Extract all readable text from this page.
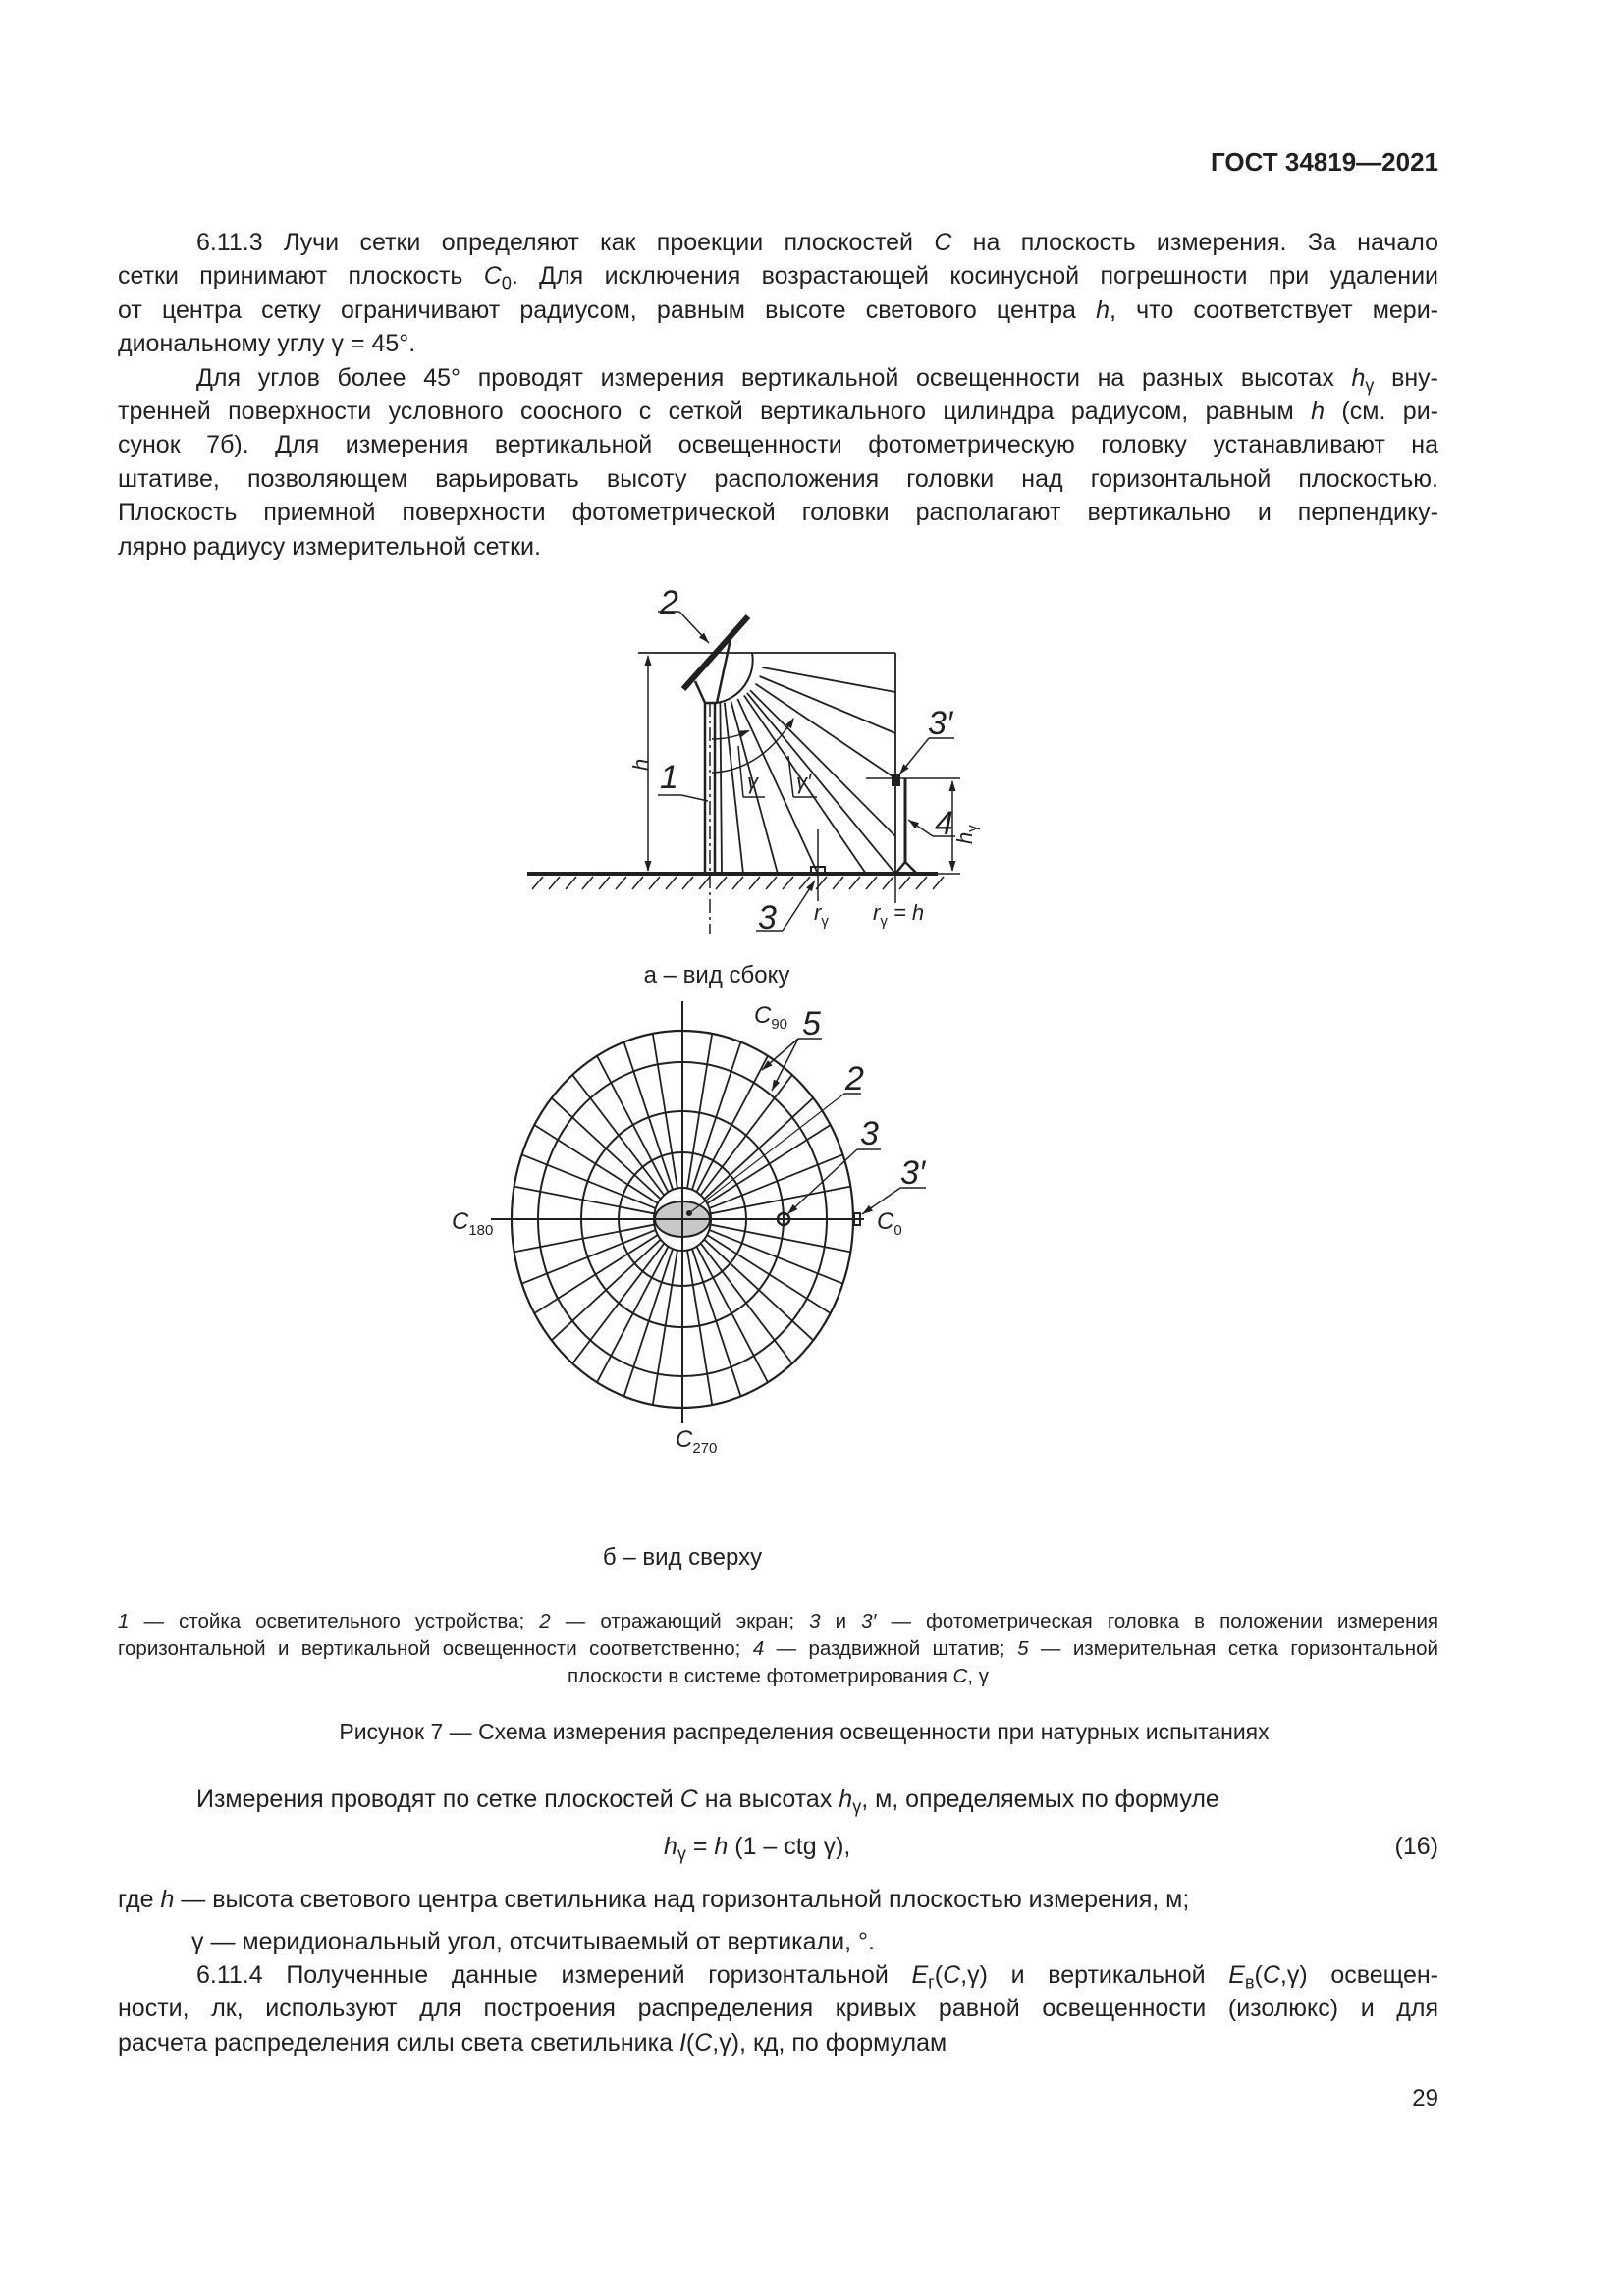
ГОСТ 34819—2021
6.11.3 Лучи сетки определяют как проекции плоскостей C на плоскость измерения. За начало
сетки принимают плоскость $C_0$. Для исключения возрастающей косинусной погрешности при удалении
от центра сетку ограничивают радиусом, равным высоте светового центра h, что соответствует мери-
диональному углу γ = 45°.
Для углов более 45° проводят измерения вертикальной освещенности на разных высотах $h_\gamma$ вну-
тренней поверхности условного соосного с сеткой вертикального цилиндра радиусом, равным h (см. ри-
сунок 7б). Для измерения вертикальной освещенности фотометрическую головку устанавливают на
штативе, позволяющем варьировать высоту расположения головки над горизонтальной плоскостью.
Плоскость приемной поверхности фотометрической головки располагают вертикально и перпендику-
лярно радиусу измерительной сетки.
2
1
3
3′
4
h
$h_\gamma$
γ γ′
$r_\gamma$ $r_\gamma = h$
а – вид сбоку
$C_{90}$
$C_{180}$	$C_0$
$C_{270}$
5
2
3
3′
б – вид сверху
1 — стойка осветительного устройства; 2 — отражающий экран; 3 и 3′ — фотометрическая головка в положении измерения
горизонтальной и вертикальной освещенности соответственно; 4 — раздвижной штатив; 5 — измерительная сетка горизонтальной
плоскости в системе фотометрирования C, γ
Рисунок 7 — Схема измерения распределения освещенности при натурных испытаниях
Измерения проводят по сетке плоскостей C на высотах $h_\gamma$, м, определяемых по формуле
$h_\gamma = h$ (1 – ctg γ),	(16)
где h — высота светового центра светильника над горизонтальной плоскостью измерения, м;
γ — меридиональный угол, отсчитываемый от вертикали, °.
6.11.4 Полученные данные измерений горизонтальной $E_г(C,\gamma)$ и вертикальной $E_в(C,\gamma)$ освещен-
ности, лк, используют для построения распределения кривых равной освещенности (изолюкс) и для
расчета распределения силы света светильника I(C,γ), кд, по формулам
29
